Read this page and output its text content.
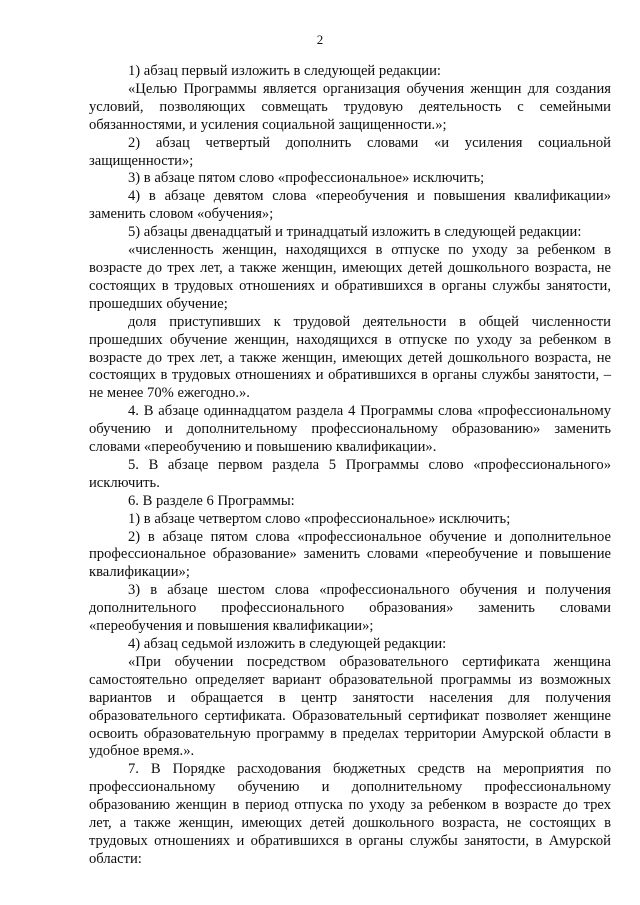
2

1) абзац первый изложить в следующей редакции:

«Целью Программы является организация обучения женщин для создания условий, позволяющих совмещать трудовую деятельность с семейными обязанностями, и усиления социальной защищенности.»;

2) абзац четвертый дополнить словами «и усиления социальной защищенности»;

3) в абзаце пятом слово «профессиональное» исключить;

4) в абзаце девятом слова «переобучения и повышения квалификации» заменить словом «обучения»;

5) абзацы двенадцатый и тринадцатый изложить в следующей редакции:

«численность женщин, находящихся в отпуске по уходу за ребенком в возрасте до трех лет, а также женщин, имеющих детей дошкольного возраста, не состоящих в трудовых отношениях и обратившихся в органы службы занятости, прошедших обучение;

доля приступивших к трудовой деятельности в общей численности прошедших обучение женщин, находящихся в отпуске по уходу за ребенком в возрасте до трех лет, а также женщин, имеющих детей дошкольного возраста, не состоящих в трудовых отношениях и обратившихся в органы службы занятости, – не менее 70% ежегодно.».

4. В абзаце одиннадцатом раздела 4 Программы слова «профессиональному обучению и дополнительному профессиональному образованию» заменить словами «переобучению и повышению квалификации».

5. В абзаце первом раздела 5 Программы слово «профессионального» исключить.

6. В разделе 6 Программы:

1) в абзаце четвертом слово «профессиональное» исключить;

2) в абзаце пятом слова «профессиональное обучение и дополнительное профессиональное образование» заменить словами «переобучение и повышение квалификации»;

3) в абзаце шестом слова «профессионального обучения и получения дополнительного профессионального образования» заменить словами «переобучения и повышения квалификации»;

4) абзац седьмой изложить в следующей редакции:

«При обучении посредством образовательного сертификата женщина самостоятельно определяет вариант образовательной программы из возможных вариантов и обращается в центр занятости населения для получения образовательного сертификата. Образовательный сертификат позволяет женщине освоить образовательную программу в пределах территории Амурской области в удобное время.».

7. В Порядке расходования бюджетных средств на мероприятия по профессиональному обучению и дополнительному профессиональному образованию женщин в период отпуска по уходу за ребенком в возрасте до трех лет, а также женщин, имеющих детей дошкольного возраста, не состоящих в трудовых отношениях и обратившихся в органы службы занятости, в Амурской области:
